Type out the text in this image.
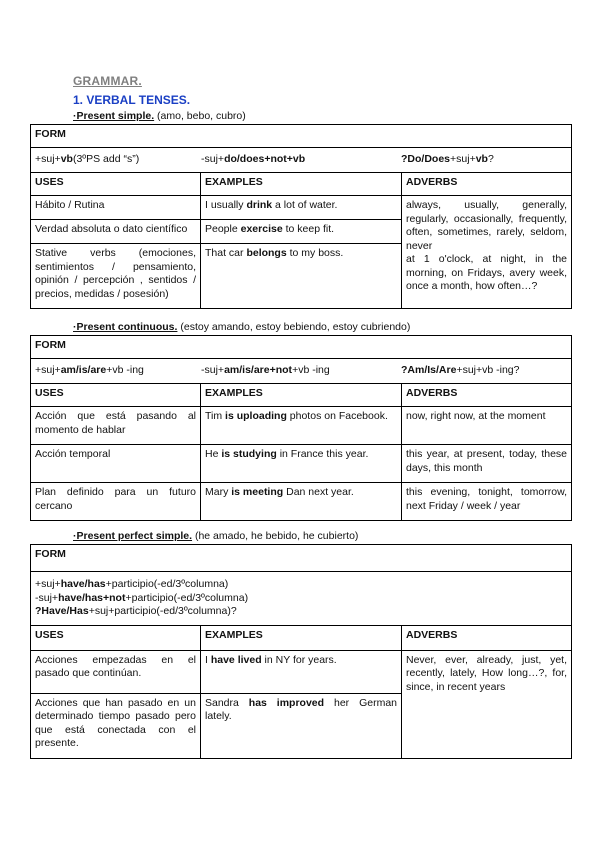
GRAMMAR.
1. VERBAL TENSES.
·Present simple. (amo, bebo, cubro)
FORM		

+suj+vb(3ºPS add “s”) -suj+do/does+not+vb ?Do/Does+suj+vb?		

USES	EXAMPLES	ADVERBS
Hábito / Rutina	I usually drink a lot of water.	always, usually, generally, regularly, occasionally, frequently, often, sometimes, rarely, seldom, never
at 1 o'clock, at night, in the morning, on Fridays, avery week, once a month, how often…?

Verdad absoluta o dato científico	People exercise to keep fit.	
Stative verbs (emociones, sentimientos / pensamiento, opinión / percepción , sentidos / precios, medidas / posesión)	That car belongs to my boss.	
·Present continuous. (estoy amando, estoy bebiendo, estoy cubriendo)
FORM		

+suj+am/is/are+vb -ing -suj+am/is/are+not+vb -ing ?Am/Is/Are+suj+vb -ing?		

USES	EXAMPLES	ADVERBS
Acción que está pasando al momento de hablar	Tim is uploading photos on Facebook.	now, right now, at the moment
Acción temporal	He is studying in France this year.	this year, at present, today, these days, this month
Plan definido para un futuro cercano	Mary is meeting Dan next year.	this evening, tonight, tomorrow, next Friday / week / year
·Present perfect simple. (he amado, he bebido, he cubierto)
FORM		

+suj+have/has+participio(-ed/3ºcolumna)
-suj+have/has+not+participio(-ed/3ºcolumna)
?Have/Has+suj+participio(-ed/3ºcolumna)?		

USES	EXAMPLES	ADVERBS
Acciones empezadas en el pasado que continúan.	I have lived in NY for years.	Never, ever, already, just, yet, recently, lately, How long…?, for, since, in recent years
Acciones que han pasado en un determinado tiempo pasado pero que está conectada con el presente.	Sandra has improved her German lately.	
